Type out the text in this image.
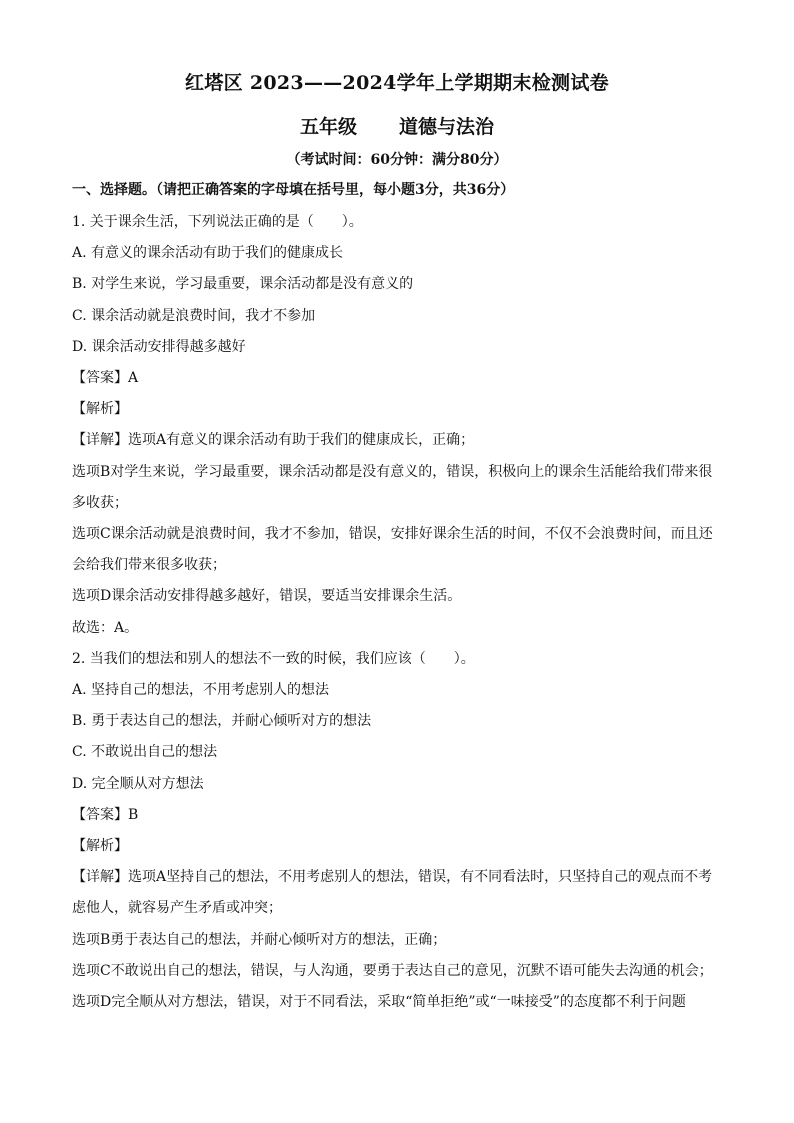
红塔区 2023——2024学年上学期期末检测试卷
五年级 道德与法治
（考试时间：60分钟：满分80分）
一、选择题。（请把正确答案的字母填在括号里，每小题3分，共36分）
1. 关于课余生活，下列说法正确的是（　　）。
A. 有意义的课余活动有助于我们的健康成长
B. 对学生来说，学习最重要，课余活动都是没有意义的
C. 课余活动就是浪费时间，我才不参加
D. 课余活动安排得越多越好
【答案】A
【解析】
【详解】选项A有意义的课余活动有助于我们的健康成长，正确；
选项B对学生来说，学习最重要，课余活动都是没有意义的，错误，积极向上的课余生活能给我们带来很
多收获；
选项C课余活动就是浪费时间，我才不参加，错误，安排好课余生活的时间，不仅不会浪费时间，而且还
会给我们带来很多收获；
选项D课余活动安排得越多越好，错误，要适当安排课余生活。
故选：A。
2. 当我们的想法和别人的想法不一致的时候，我们应该（　　）。
A. 坚持自己的想法，不用考虑别人的想法
B. 勇于表达自己的想法，并耐心倾听对方的想法
C. 不敢说出自己的想法
D. 完全顺从对方想法
【答案】B
【解析】
【详解】选项A坚持自己的想法，不用考虑别人的想法，错误，有不同看法时，只坚持自己的观点而不考
虑他人，就容易产生矛盾或冲突；
选项B勇于表达自己的想法，并耐心倾听对方的想法，正确；
选项C不敢说出自己的想法，错误，与人沟通，要勇于表达自己的意见，沉默不语可能失去沟通的机会；
选项D完全顺从对方想法，错误，对于不同看法，采取“简单拒绝”或“一味接受”的态度都不利于问题
